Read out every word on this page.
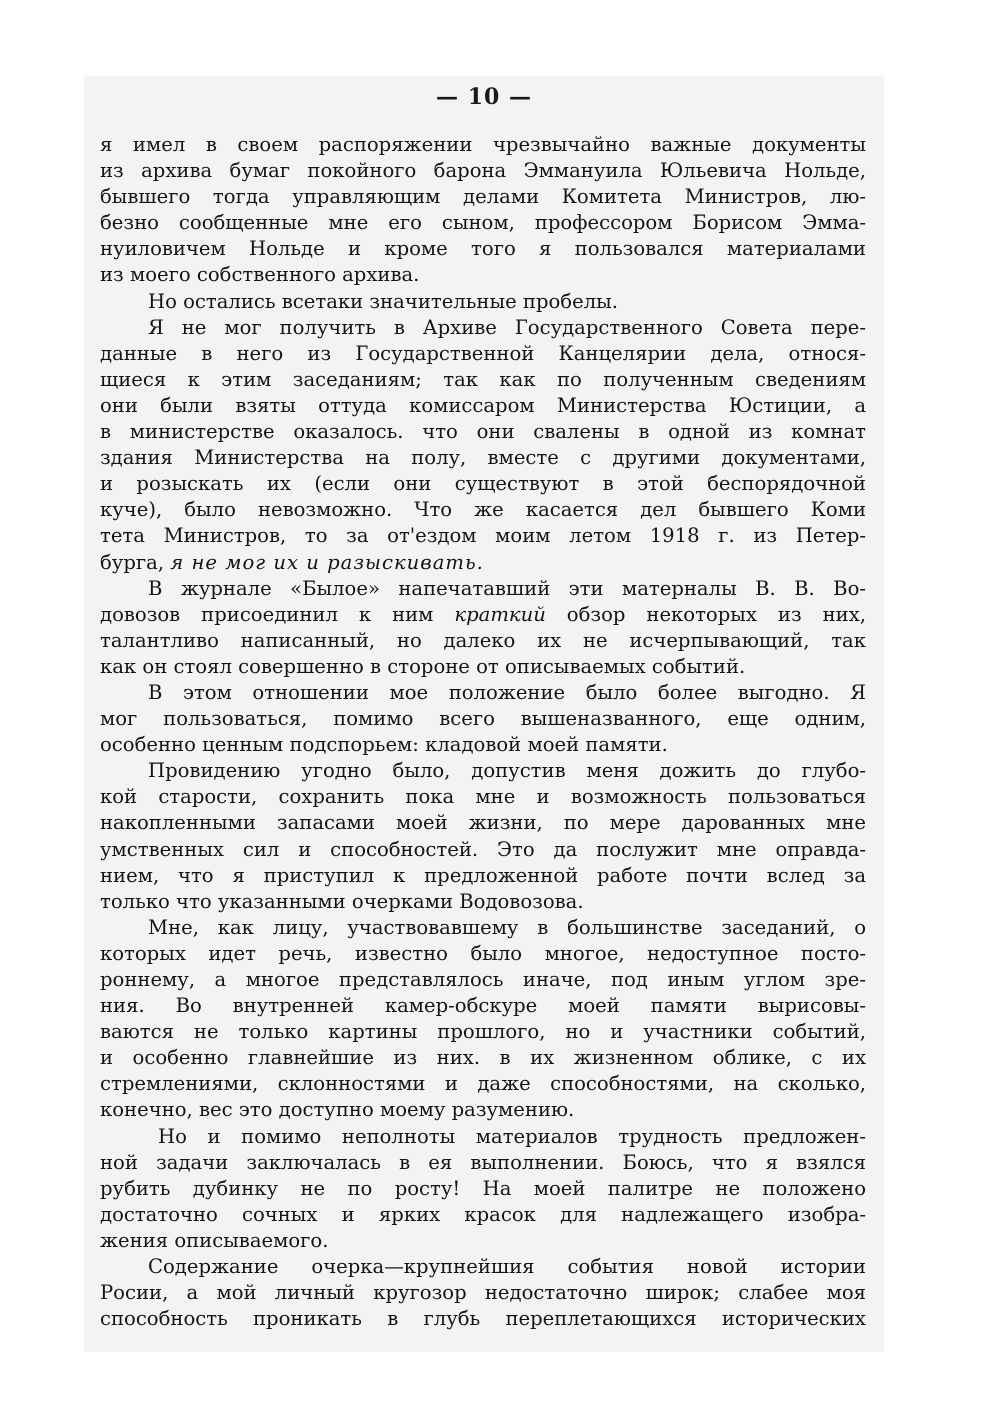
— 10 —
я имел в своем распоряжении чрезвычайно важные документы
из архива бумаг покойного барона Эммануила Юльевича Нольде,
бывшего тогда управляющим делами Комитета Министров, лю-
безно сообщенные мне его сыном, профессором Борисом Эмма-
нуиловичем Нольде и кроме того я пользовался материалами
из моего собственного архива.
Но остались всетаки значительные пробелы.
Я не мог получить в Архиве Государственного Совета пере-
данные в него из Государственной Канцелярии дела, относя-
щиеся к этим заседаниям; так как по полученным сведениям
они были взяты оттуда комиссаром Министерства Юстиции, а
в министерстве оказалось. что они свалены в одной из комнат
здания Министерства на полу, вместе с другими документами,
и розыскать их (если они существуют в этой беспорядочной
куче), было невозможно. Что же касается дел бывшего Коми
тета Министров, то за от'ездом моим летом 1918 г. из Петер-
бурга, я не мог их и разыскивать.
В журнале «Былое» напечатавший эти матерналы В. В. Во-
довозов присоединил к ним краткий обзор некоторых из них,
талантливо написанный, но далеко их не исчерпывающий, так
как он стоял совершенно в стороне от описываемых событий.
В этом отношении мое положение было более выгодно. Я
мог пользоваться, помимо всего вышеназванного, еще одним,
особенно ценным подспорьем: кладовой моей памяти.
Провидению угодно было, допустив меня дожить до глубо-
кой старости, сохранить пока мне и возможность пользоваться
накопленными запасами моей жизни, по мере дарованных мне
умственных сил и способностей. Это да послужит мне оправда-
нием, что я приступил к предложенной работе почти вслед за
только что указанными очерками Водовозова.
Мне, как лицу, участвовавшему в большинстве заседаний, о
которых идет речь, известно было многое, недоступное посто-
роннему, а многое представлялось иначе, под иным углом зре-
ния. Во внутренней камер-обскуре моей памяти вырисовы-
ваются не только картины прошлого, но и участники событий,
и особенно главнейшие из них. в их жизненном облике, с их
стремлениями, склонностями и даже способностями, на сколько,
конечно, вес это доступно моему разумению.
Но и помимо неполноты материалов трудность предложен-
ной задачи заключалась в ея выполнении. Боюсь, что я взялся
рубить дубинку не по росту! На моей палитре не положено
достаточно сочных и ярких красок для надлежащего изобра-
жения описываемого.
Содержание очерка—крупнейшия события новой истории
Росии, а мой личный кругозор недостаточно широк; слабее моя
способность проникать в глубь переплетающихся исторических
